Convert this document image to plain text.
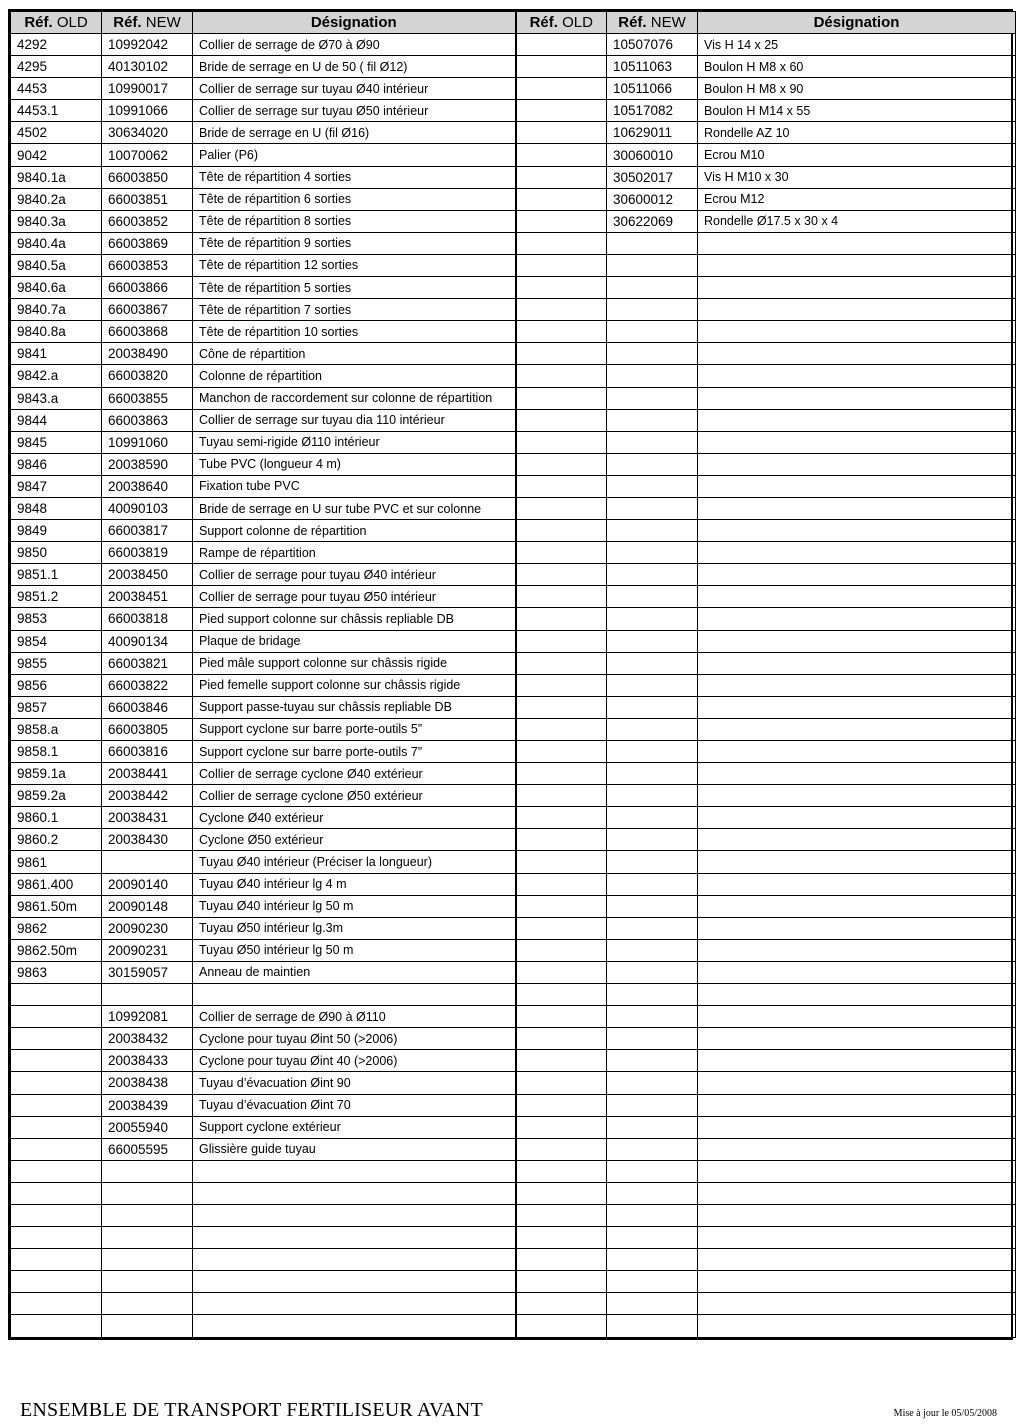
Réf. OLD	Réf. NEW	Désignation	Réf. OLD	Réf. NEW	Désignation
4292	10992042	Collier de serrage de Ø70 à Ø90		10507076	Vis H 14 x 25
4295	40130102	Bride de serrage en U de 50 ( fil Ø12)		10511063	Boulon H M8 x 60
4453	10990017	Collier de serrage sur tuyau Ø40 intérieur		10511066	Boulon H M8 x 90
4453.1	10991066	Collier de serrage sur tuyau Ø50 intérieur		10517082	Boulon H M14 x 55
4502	30634020	Bride de serrage en U (fil Ø16)		10629011	Rondelle AZ 10
9042	10070062	Palier (P6)		30060010	Ecrou M10
9840.1a	66003850	Tête de répartition 4 sorties		30502017	Vis H M10 x 30
9840.2a	66003851	Tête de répartition 6 sorties		30600012	Ecrou M12
9840.3a	66003852	Tête de répartition 8 sorties		30622069	Rondelle Ø17.5 x 30 x 4
9840.4a	66003869	Tête de répartition 9 sorties			
9840.5a	66003853	Tête de répartition 12 sorties			
9840.6a	66003866	Tête de répartition 5 sorties			
9840.7a	66003867	Tête de répartition 7 sorties			
9840.8a	66003868	Tête de répartition 10 sorties			
9841	20038490	Cône de répartition			
9842.a	66003820	Colonne de répartition			
9843.a	66003855	Manchon de raccordement sur colonne de répartition			
9844	66003863	Collier de serrage sur tuyau dia 110 intérieur			
9845	10991060	Tuyau semi-rigide Ø110 intérieur			
9846	20038590	Tube PVC (longueur 4 m)			
9847	20038640	Fixation tube PVC			
9848	40090103	Bride de serrage en U sur tube PVC et sur colonne			
9849	66003817	Support colonne de répartition			
9850	66003819	Rampe de répartition			
9851.1	20038450	Collier de serrage pour tuyau Ø40 intérieur			
9851.2	20038451	Collier de serrage pour tuyau Ø50 intérieur			
9853	66003818	Pied support colonne sur châssis repliable DB			
9854	40090134	Plaque de bridage			
9855	66003821	Pied mâle support colonne sur châssis rigide			
9856	66003822	Pied femelle support colonne sur châssis rigide			
9857	66003846	Support passe-tuyau sur châssis repliable DB			
9858.a	66003805	Support cyclone sur barre porte-outils 5”			
9858.1	66003816	Support cyclone sur barre porte-outils 7”			
9859.1a	20038441	Collier de serrage cyclone Ø40 extérieur			
9859.2a	20038442	Collier de serrage cyclone Ø50 extérieur			
9860.1	20038431	Cyclone Ø40 extérieur			
9860.2	20038430	Cyclone Ø50 extérieur			
9861		Tuyau Ø40 intérieur (Préciser la longueur)			
9861.400	20090140	Tuyau Ø40 intérieur lg 4 m			
9861.50m	20090148	Tuyau Ø40 intérieur lg 50 m			
9862	20090230	Tuyau Ø50 intérieur lg.3m			
9862.50m	20090231	Tuyau Ø50 intérieur lg 50 m			
9863	30159057	Anneau de maintien			

	10992081	Collier de serrage de Ø90 à Ø110			
	20038432	Cyclone pour tuyau Øint 50 (>2006)			
	20038433	Cyclone pour tuyau Øint 40 (>2006)			
	20038438	Tuyau d’évacuation Øint 90			
	20038439	Tuyau d’évacuation Øint 70			
	20055940	Support cyclone extérieur			
	66005595	Glissière guide tuyau			

ENSEMBLE DE TRANSPORT FERTILISEUR AVANT	Mise à jour le 05/05/2008
